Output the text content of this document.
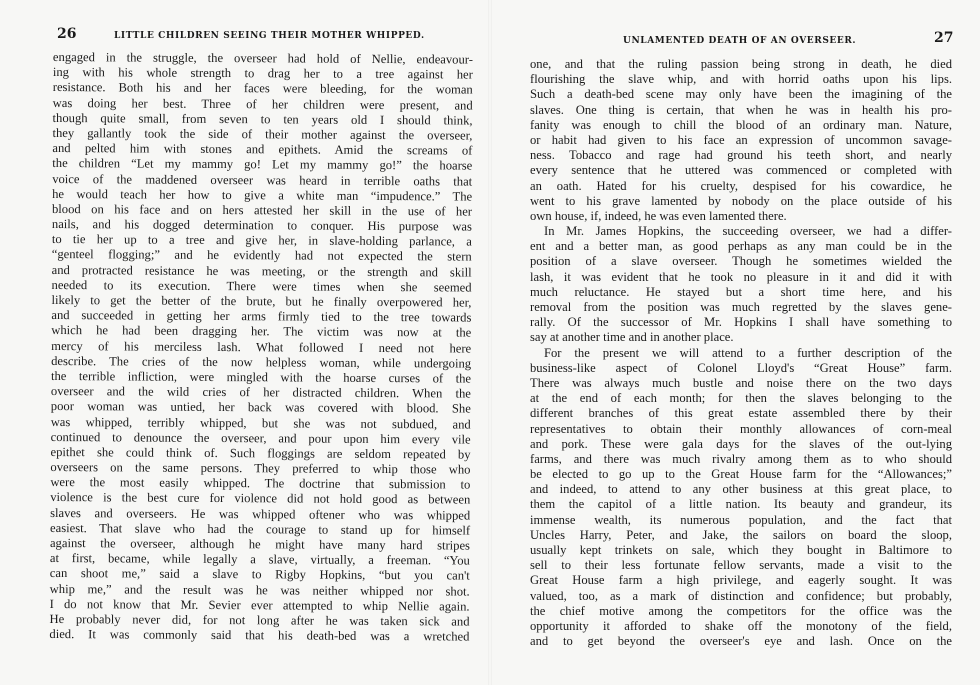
26	LITTLE CHILDREN SEEING THEIR MOTHER WHIPPED.
engaged in the struggle, the overseer had hold of Nellie, endeavour-
ing with his whole strength to drag her to a tree against her
resistance. Both his and her faces were bleeding, for the woman
was doing her best. Three of her children were present, and
though quite small, from seven to ten years old I should think,
they gallantly took the side of their mother against the overseer,
and pelted him with stones and epithets. Amid the screams of
the children “Let my mammy go! Let my mammy go!” the hoarse
voice of the maddened overseer was heard in terrible oaths that
he would teach her how to give a white man “impudence.” The
blood on his face and on hers attested her skill in the use of her
nails, and his dogged determination to conquer. His purpose was
to tie her up to a tree and give her, in slave-holding parlance, a
“genteel flogging;” and he evidently had not expected the stern
and protracted resistance he was meeting, or the strength and skill
needed to its execution. There were times when she seemed
likely to get the better of the brute, but he finally overpowered her,
and succeeded in getting her arms firmly tied to the tree towards
which he had been dragging her. The victim was now at the
mercy of his merciless lash. What followed I need not here
describe. The cries of the now helpless woman, while undergoing
the terrible infliction, were mingled with the hoarse curses of the
overseer and the wild cries of her distracted children. When the
poor woman was untied, her back was covered with blood. She
was whipped, terribly whipped, but she was not subdued, and
continued to denounce the overseer, and pour upon him every vile
epithet she could think of. Such floggings are seldom repeated by
overseers on the same persons. They preferred to whip those who
were the most easily whipped. The doctrine that submission to
violence is the best cure for violence did not hold good as between
slaves and overseers. He was whipped oftener who was whipped
easiest. That slave who had the courage to stand up for himself
against the overseer, although he might have many hard stripes
at first, became, while legally a slave, virtually, a freeman. “You
can shoot me,” said a slave to Rigby Hopkins, “but you can't
whip me,” and the result was he was neither whipped nor shot.
I do not know that Mr. Sevier ever attempted to whip Nellie again.
He probably never did, for not long after he was taken sick and
died. It was commonly said that his death-bed was a wretched
UNLAMENTED DEATH OF AN OVERSEER.	27
one, and that the ruling passion being strong in death, he died
flourishing the slave whip, and with horrid oaths upon his lips.
Such a death-bed scene may only have been the imagining of the
slaves. One thing is certain, that when he was in health his pro-
fanity was enough to chill the blood of an ordinary man. Nature,
or habit had given to his face an expression of uncommon savage-
ness. Tobacco and rage had ground his teeth short, and nearly
every sentence that he uttered was commenced or completed with
an oath. Hated for his cruelty, despised for his cowardice, he
went to his grave lamented by nobody on the place outside of his
own house, if, indeed, he was even lamented there.
In Mr. James Hopkins, the succeeding overseer, we had a differ-
ent and a better man, as good perhaps as any man could be in the
position of a slave overseer. Though he sometimes wielded the
lash, it was evident that he took no pleasure in it and did it with
much reluctance. He stayed but a short time here, and his
removal from the position was much regretted by the slaves gene-
rally. Of the successor of Mr. Hopkins I shall have something to
say at another time and in another place.
For the present we will attend to a further description of the
business-like aspect of Colonel Lloyd's “Great House” farm.
There was always much bustle and noise there on the two days
at the end of each month; for then the slaves belonging to the
different branches of this great estate assembled there by their
representatives to obtain their monthly allowances of corn-meal
and pork. These were gala days for the slaves of the out-lying
farms, and there was much rivalry among them as to who should
be elected to go up to the Great House farm for the “Allowances;”
and indeed, to attend to any other business at this great place, to
them the capitol of a little nation. Its beauty and grandeur, its
immense wealth, its numerous population, and the fact that
Uncles Harry, Peter, and Jake, the sailors on board the sloop,
usually kept trinkets on sale, which they bought in Baltimore to
sell to their less fortunate fellow servants, made a visit to the
Great House farm a high privilege, and eagerly sought. It was
valued, too, as a mark of distinction and confidence; but probably,
the chief motive among the competitors for the office was the
opportunity it afforded to shake off the monotony of the field,
and to get beyond the overseer's eye and lash. Once on the
